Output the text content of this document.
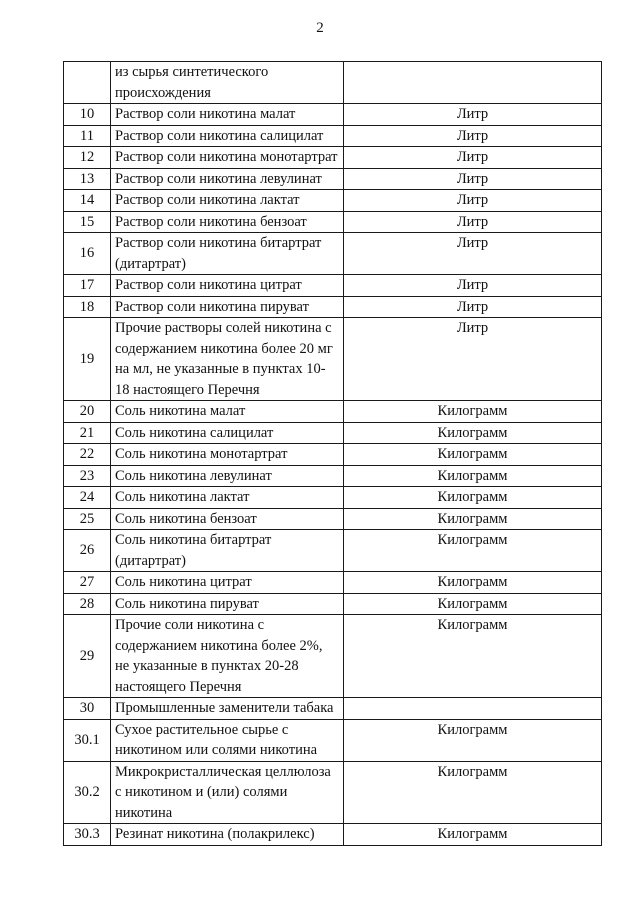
2
	из сырья синтетического происхождения	
10	Раствор соли никотина малат	Литр
11	Раствор соли никотина салицилат	Литр
12	Раствор соли никотина монотартрат	Литр
13	Раствор соли никотина левулинат	Литр
14	Раствор соли никотина лактат	Литр
15	Раствор соли никотина бензоат	Литр
16	Раствор соли никотина битартрат (дитартрат)	Литр
17	Раствор соли никотина цитрат	Литр
18	Раствор соли никотина пируват	Литр
19	Прочие растворы солей никотина с содержанием никотина более 20 мг на мл, не указанные в пунктах 10-18 настоящего Перечня	Литр
20	Соль никотина малат	Килограмм
21	Соль никотина салицилат	Килограмм
22	Соль никотина монотартрат	Килограмм
23	Соль никотина левулинат	Килограмм
24	Соль никотина лактат	Килограмм
25	Соль никотина бензоат	Килограмм
26	Соль никотина битартрат (дитартрат)	Килограмм
27	Соль никотина цитрат	Килограмм
28	Соль никотина пируват	Килограмм
29	Прочие соли никотина с содержанием никотина более 2%, не указанные в пунктах 20-28 настоящего Перечня	Килограмм
30	Промышленные заменители табака	
30.1	Сухое растительное сырье с никотином или солями никотина	Килограмм
30.2	Микрокристаллическая целлюлоза с никотином и (или) солями никотина	Килограмм
30.3	Резинат никотина (полакрилекс)	Килограмм
